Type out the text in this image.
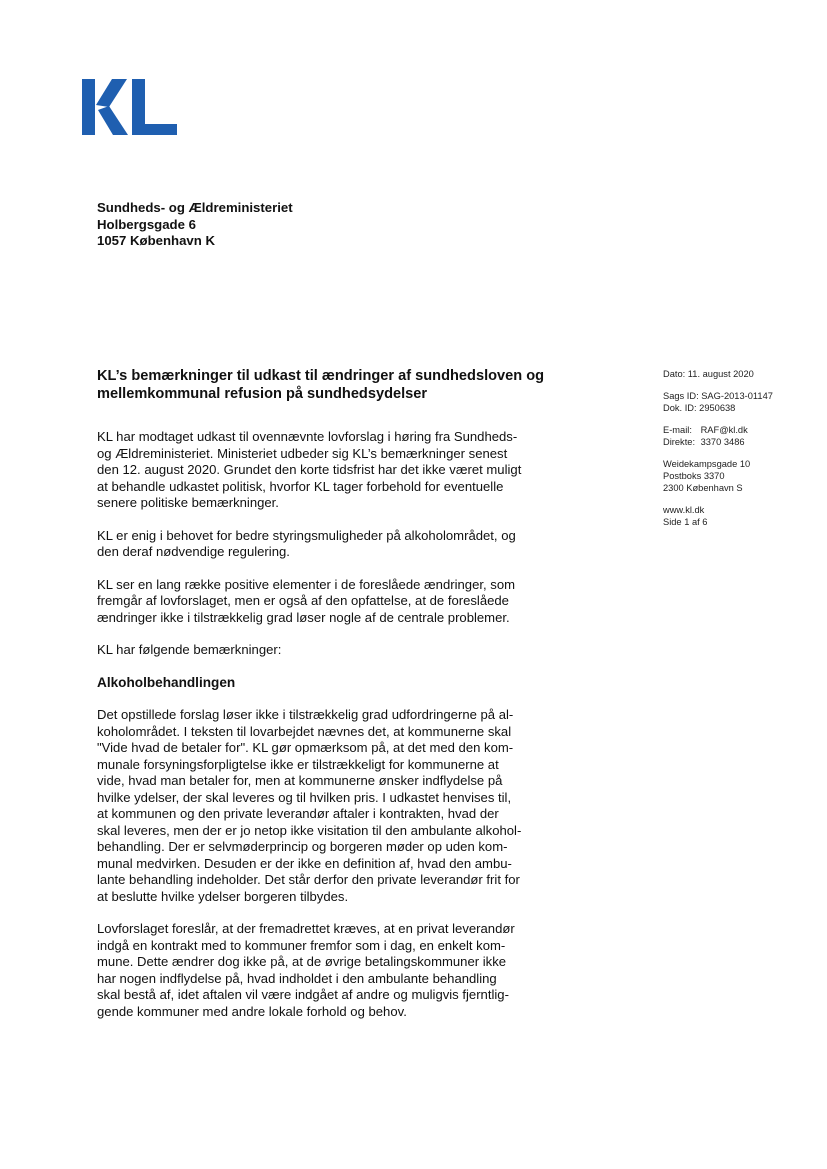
Sundheds- og Ældreministeriet
Holbergsgade 6
1057 København K
KL’s bemærkninger til udkast til ændringer af sundhedsloven og
mellemkommunal refusion på sundhedsydelser
Dato: 11. august 2020
Sags ID: SAG-2013-01147
Dok. ID: 2950638
E-mail: RAF@kl.dk
Direkte: 3370 3486
Weidekampsgade 10
Postboks 3370
2300 København S
www.kl.dk
Side 1 af 6

KL har modtaget udkast til ovennævnte lovforslag i høring fra Sundheds-
og Ældreministeriet. Ministeriet udbeder sig KL’s bemærkninger senest
den 12. august 2020. Grundet den korte tidsfrist har det ikke været muligt
at behandle udkastet politisk, hvorfor KL tager forbehold for eventuelle
senere politiske bemærkninger.

KL er enig i behovet for bedre styringsmuligheder på alkoholområdet, og
den deraf nødvendige regulering.

KL ser en lang række positive elementer i de foreslåede ændringer, som
fremgår af lovforslaget, men er også af den opfattelse, at de foreslåede
ændringer ikke i tilstrækkelig grad løser nogle af de centrale problemer.

KL har følgende bemærkninger:

Alkoholbehandlingen

Det opstillede forslag løser ikke i tilstrækkelig grad udfordringerne på al-
koholområdet. I teksten til lovarbejdet nævnes det, at kommunerne skal
"Vide hvad de betaler for". KL gør opmærksom på, at det med den kom-
munale forsyningsforpligtelse ikke er tilstrækkeligt for kommunerne at
vide, hvad man betaler for, men at kommunerne ønsker indflydelse på
hvilke ydelser, der skal leveres og til hvilken pris. I udkastet henvises til,
at kommunen og den private leverandør aftaler i kontrakten, hvad der
skal leveres, men der er jo netop ikke visitation til den ambulante alkohol-
behandling. Der er selvmøderprincip og borgeren møder op uden kom-
munal medvirken. Desuden er der ikke en definition af, hvad den ambu-
lante behandling indeholder. Det står derfor den private leverandør frit for
at beslutte hvilke ydelser borgeren tilbydes.

Lovforslaget foreslår, at der fremadrettet kræves, at en privat leverandør
indgå en kontrakt med to kommuner fremfor som i dag, en enkelt kom-
mune. Dette ændrer dog ikke på, at de øvrige betalingskommuner ikke
har nogen indflydelse på, hvad indholdet i den ambulante behandling
skal bestå af, idet aftalen vil være indgået af andre og muligvis fjerntlig-
gende kommuner med andre lokale forhold og behov.
